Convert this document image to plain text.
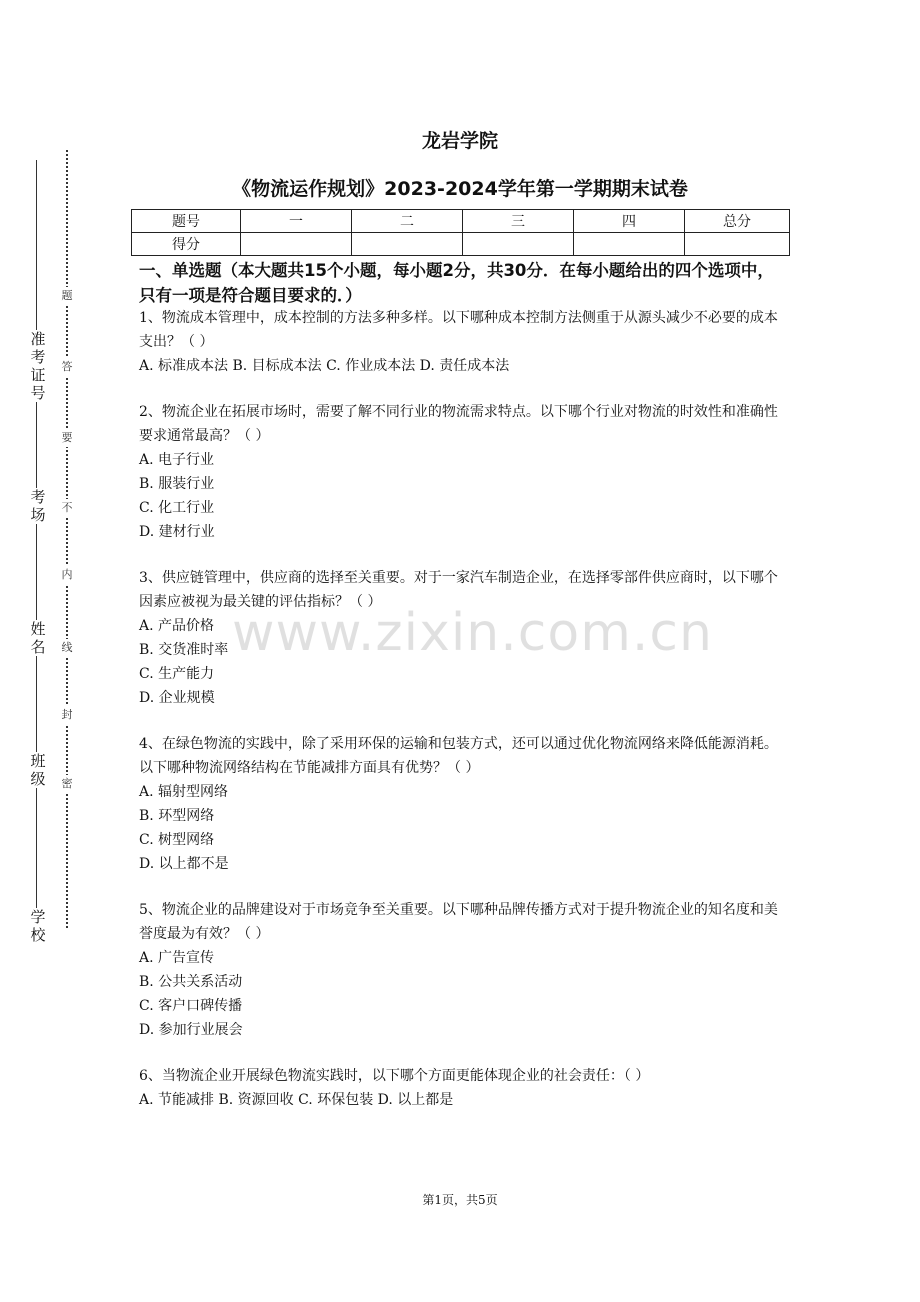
题
答
要
不
内
线
封
密
准考证号
考场
姓名
班级
学校
龙岩学院
《物流运作规划》2023-2024学年第一学期期末试卷
题号	一	二	三	四	总分
得分					
一、单选题（本大题共15个小题，每小题2分，共30分．在每小题给出的四个选项中，只有一项是符合题目要求的．）
1、物流成本管理中，成本控制的方法多种多样。以下哪种成本控制方法侧重于从源头减少不必要的成本支出？（ ）
A. 标准成本法 B. 目标成本法 C. 作业成本法 D. 责任成本法
2、物流企业在拓展市场时，需要了解不同行业的物流需求特点。以下哪个行业对物流的时效性和准确性要求通常最高？（ ）
A. 电子行业
B. 服装行业
C. 化工行业
D. 建材行业
3、供应链管理中，供应商的选择至关重要。对于一家汽车制造企业，在选择零部件供应商时，以下哪个因素应被视为最关键的评估指标？（ ）
A. 产品价格
B. 交货准时率
C. 生产能力
D. 企业规模
4、在绿色物流的实践中，除了采用环保的运输和包装方式，还可以通过优化物流网络来降低能源消耗。以下哪种物流网络结构在节能减排方面具有优势？（ ）
A. 辐射型网络
B. 环型网络
C. 树型网络
D. 以上都不是
5、物流企业的品牌建设对于市场竞争至关重要。以下哪种品牌传播方式对于提升物流企业的知名度和美誉度最为有效？（ ）
A. 广告宣传
B. 公共关系活动
C. 客户口碑传播
D. 参加行业展会
6、当物流企业开展绿色物流实践时，以下哪个方面更能体现企业的社会责任：（ ）
A. 节能减排 B. 资源回收 C. 环保包装 D. 以上都是
www.zixin.com.cn
第1页，共5页
